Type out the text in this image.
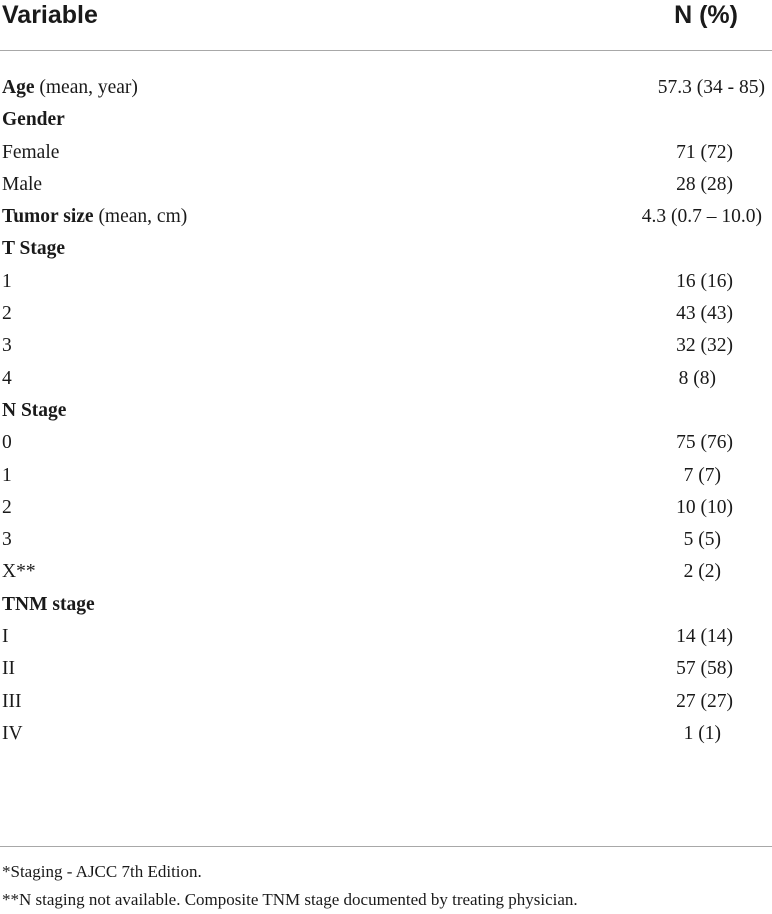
Variable	N (%)
Age (mean, year)	57.3 (34 - 85)
Gender
Female	71 (72)
Male	28 (28)
Tumor size (mean, cm)	4.3 (0.7 – 10.0)
T Stage
1	16 (16)
2	43 (43)
3	32 (32)
4	8 (8)
N Stage
0	75 (76)
1	7 (7)
2	10 (10)
3	5 (5)
X**	2 (2)
TNM stage
I	14 (14)
II	57 (58)
III	27 (27)
IV	1 (1)
*Staging - AJCC 7th Edition.
**N staging not available. Composite TNM stage documented by treating physician.
